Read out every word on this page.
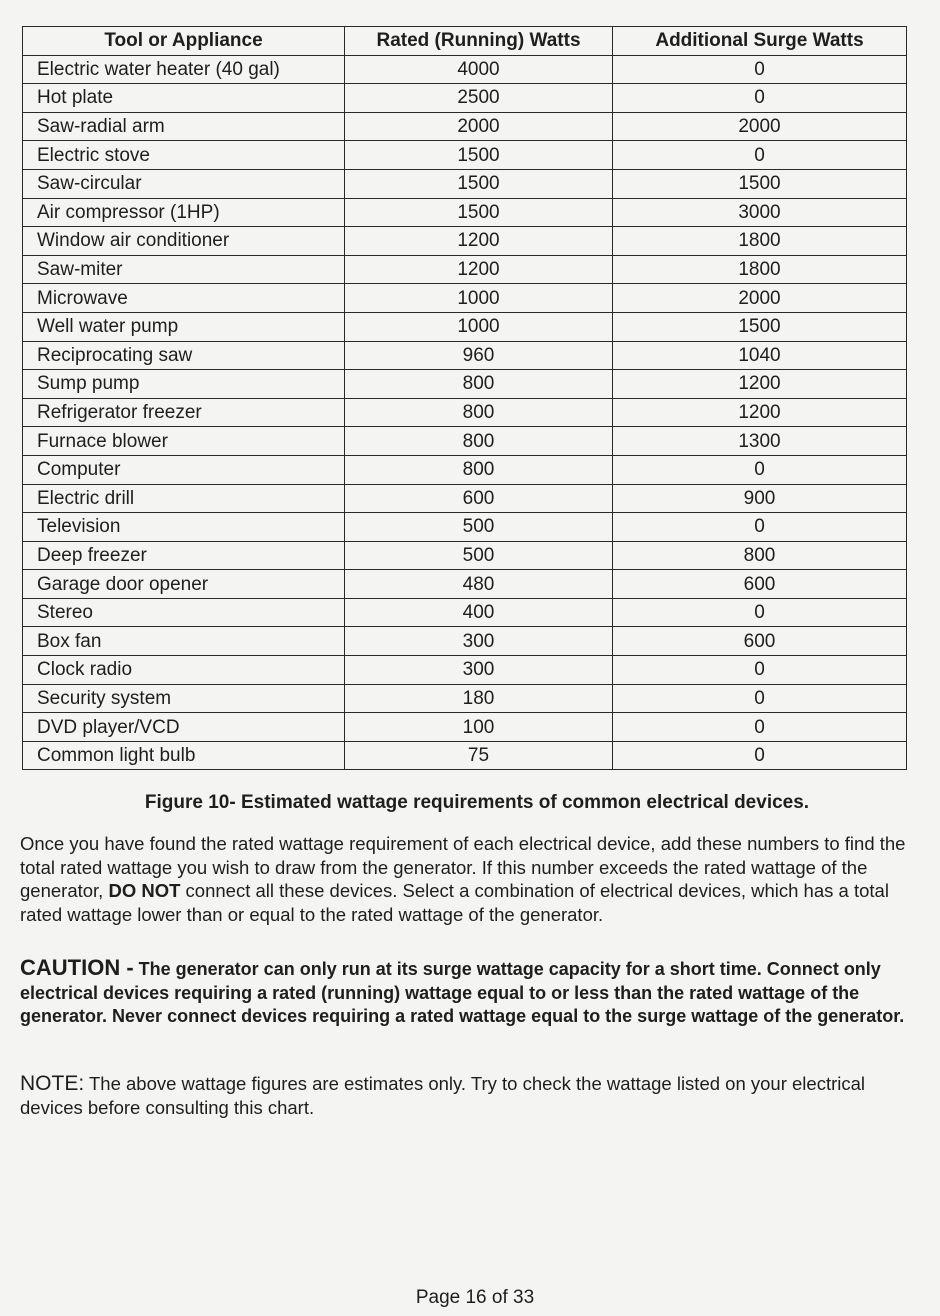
Tool or Appliance	Rated (Running) Watts	Additional Surge Watts
Electric water heater (40 gal)	4000	0
Hot plate	2500	0
Saw-radial arm	2000	2000
Electric stove	1500	0
Saw-circular	1500	1500
Air compressor (1HP)	1500	3000
Window air conditioner	1200	1800
Saw-miter	1200	1800
Microwave	1000	2000
Well water pump	1000	1500
Reciprocating saw	960	1040
Sump pump	800	1200
Refrigerator freezer	800	1200
Furnace blower	800	1300
Computer	800	0
Electric drill	600	900
Television	500	0
Deep freezer	500	800
Garage door opener	480	600
Stereo	400	0
Box fan	300	600
Clock radio	300	0
Security system	180	0
DVD player/VCD	100	0
Common light bulb	75	0
Figure 10- Estimated wattage requirements of common electrical devices.
Once you have found the rated wattage requirement of each electrical device, add these numbers to find the total rated wattage you wish to draw from the generator. If this number exceeds the rated wattage of the generator, DO NOT connect all these devices. Select a combination of electrical devices, which has a total rated wattage lower than or equal to the rated wattage of the generator.
CAUTION - The generator can only run at its surge wattage capacity for a short time. Connect only electrical devices requiring a rated (running) wattage equal to or less than the rated wattage of the generator. Never connect devices requiring a rated wattage equal to the surge wattage of the generator.
NOTE: The above wattage figures are estimates only. Try to check the wattage listed on your electrical devices before consulting this chart.
Page 16 of 33
